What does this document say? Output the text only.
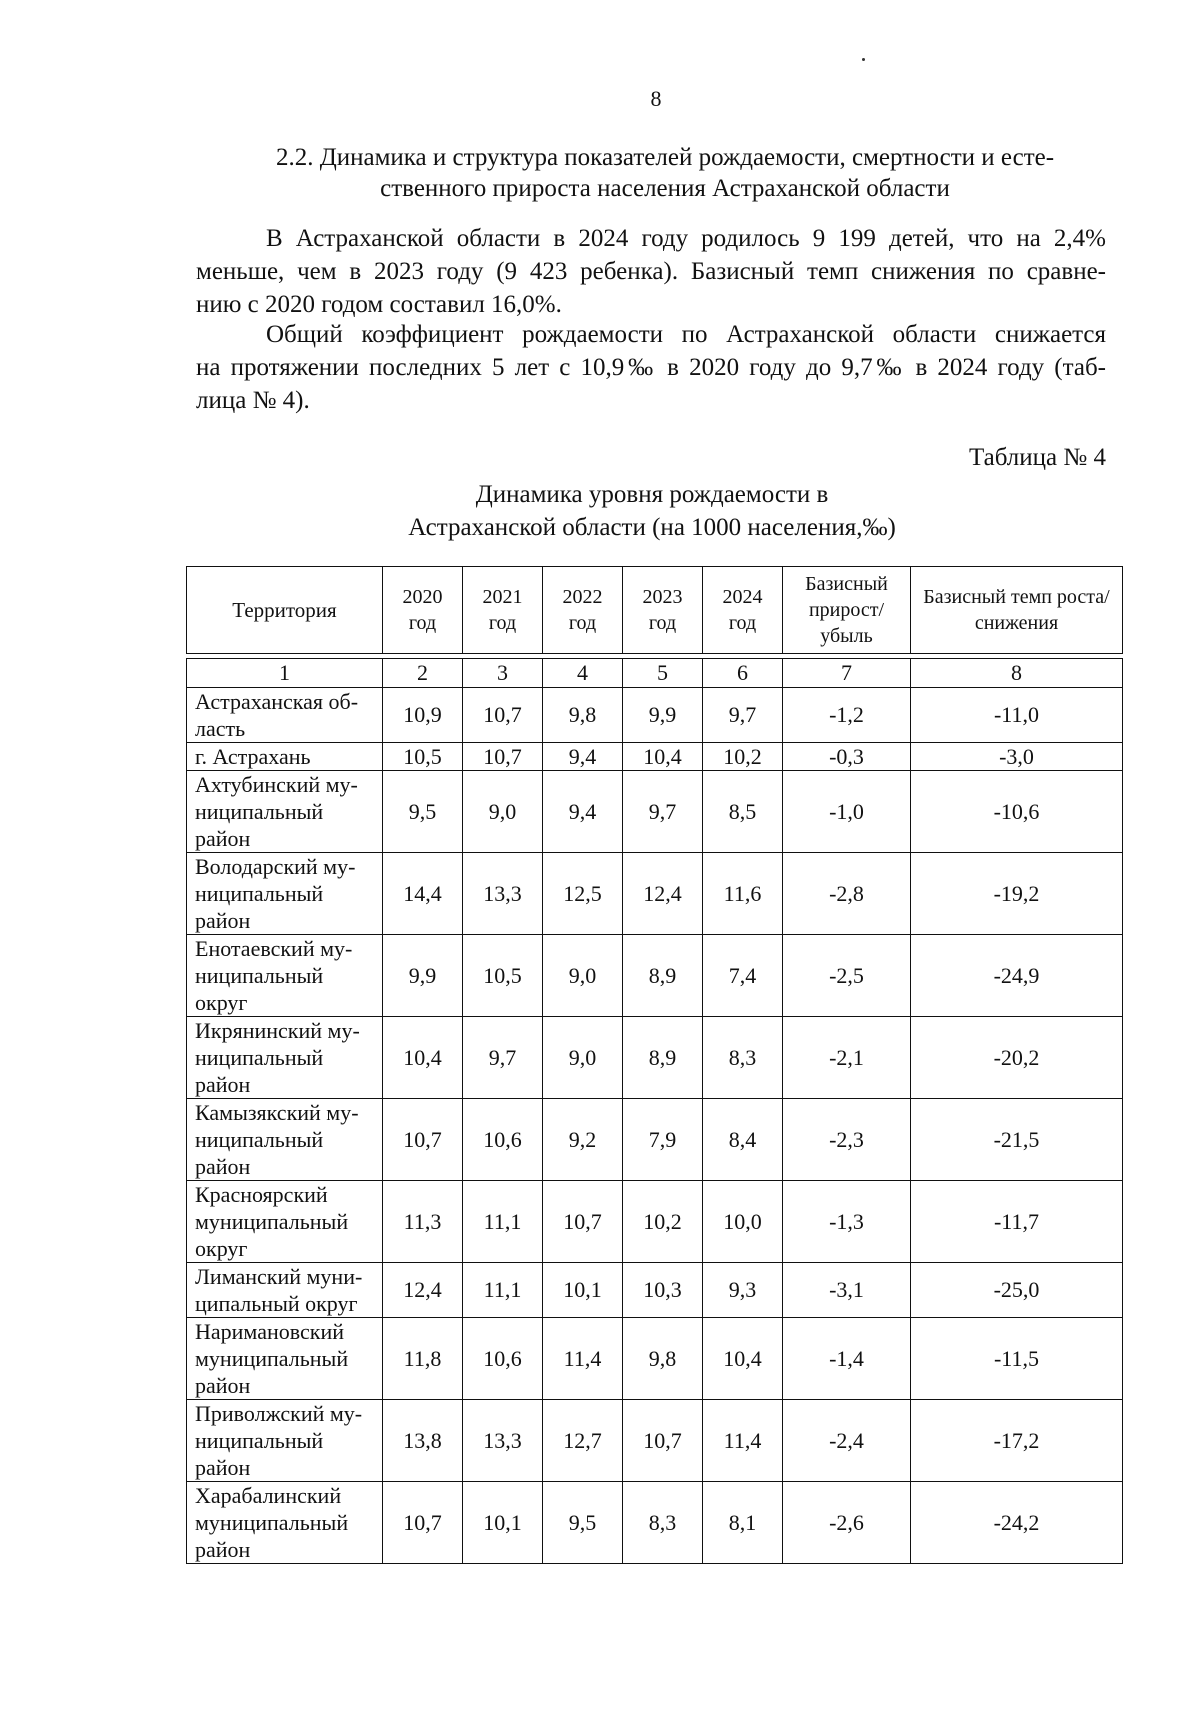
8
2.2. Динамика и структура показателей рождаемости, смертности и есте-
ственного прироста населения Астраханской области

В Астраханской области в 2024 году родилось 9 199 детей, что на 2,4%
меньше, чем в 2023 году (9 423 ребенка). Базисный темп снижения по сравне-
нию с 2020 годом составил 16,0%.

Общий коэффициент рождаемости по Астраханской области снижается
на протяжении последних 5 лет с 10,9‰ в 2020 году до 9,7‰ в 2024 году (таб-
лица № 4).

Таблица № 4
Динамика уровня рождаемости в
Астраханской области (на 1000 населения,‰)
Территория	2020 год	2021 год	2022 год	2023 год	2024 год	Базисный прирост/ убыль	Базисный темп роста/снижения

1	2	3	4	5	6	7	8
Астраханская об- ласть	10,9	10,7	9,8	9,9	9,7	-1,2	-11,0
г. Астрахань	10,5	10,7	9,4	10,4	10,2	-0,3	-3,0
Ахтубинский му- ниципальный район	9,5	9,0	9,4	9,7	8,5	-1,0	-10,6
Володарский му- ниципальный район	14,4	13,3	12,5	12,4	11,6	-2,8	-19,2
Енотаевский му- ниципальный округ	9,9	10,5	9,0	8,9	7,4	-2,5	-24,9
Икрянинский му- ниципальный район	10,4	9,7	9,0	8,9	8,3	-2,1	-20,2
Камызякский му- ниципальный район	10,7	10,6	9,2	7,9	8,4	-2,3	-21,5
Красноярский муниципальный округ	11,3	11,1	10,7	10,2	10,0	-1,3	-11,7
Лиманский муни- ципальный округ	12,4	11,1	10,1	10,3	9,3	-3,1	-25,0
Наримановский муниципальный район	11,8	10,6	11,4	9,8	10,4	-1,4	-11,5
Приволжский му- ниципальный район	13,8	13,3	12,7	10,7	11,4	-2,4	-17,2
Харабалинский муниципальный район	10,7	10,1	9,5	8,3	8,1	-2,6	-24,2
